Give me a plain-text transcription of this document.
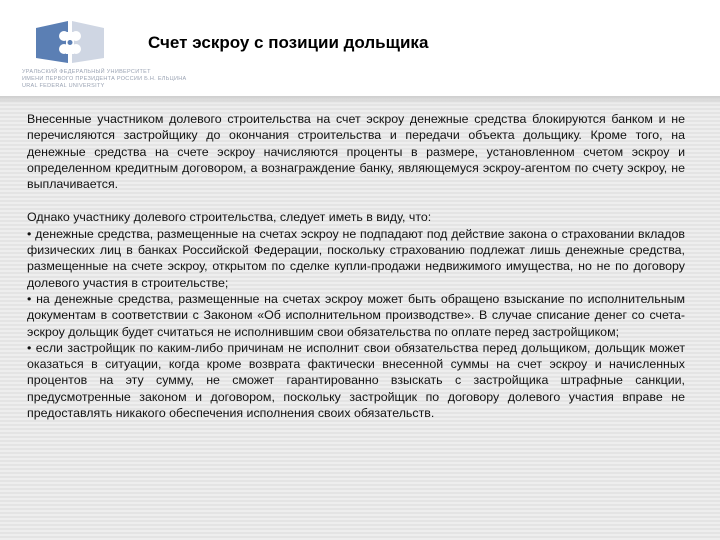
УРАЛЬСКИЙ ФЕДЕРАЛЬНЫЙ УНИВЕРСИТЕТ
ИМЕНИ ПЕРВОГО ПРЕЗИДЕНТА РОССИИ Б.Н. ЕЛЬЦИНА
URAL FEDERAL UNIVERSITY
Счет эскроу с позиции дольщика

Внесенные участником долевого строительства на счет эскроу денежные средства блокируются банком и не перечисляются застройщику до окончания строительства и передачи объекта дольщику. Кроме того, на денежные средства на счете эскроу начисляются проценты в размере, установленном счетом эскроу и определенном кредитным договором, а вознаграждение банку, являющемуся эскроу-агентом по счету эскроу, не выплачивается.

Однако участнику долевого строительства, следует иметь в виду, что:

• денежные средства, размещенные на счетах эскроу не подпадают под действие закона о страховании вкладов физических лиц в банках Российской Федерации, поскольку страхованию подлежат лишь денежные средства, размещенные на счете эскроу, открытом по сделке купли-продажи недвижимого имущества, но не по договору долевого участия в строительстве;

• на денежные средства, размещенные на счетах эскроу может быть обращено взыскание по исполнительным документам в соответствии с Законом «Об исполнительном производстве». В случае списание денег со счета-эскроу дольщик будет считаться не исполнившим свои обязательства по оплате перед застройщиком;

• если застройщик по каким-либо причинам не исполнит свои обязательства перед дольщиком, дольщик может оказаться в ситуации, когда кроме возврата фактически внесенной суммы на счет эскроу и начисленных процентов на эту сумму, не сможет гарантированно взыскать с застройщика штрафные санкции, предусмотренные законом и договором, поскольку застройщик по договору долевого участия вправе не предоставлять никакого обеспечения исполнения своих обязательств.
